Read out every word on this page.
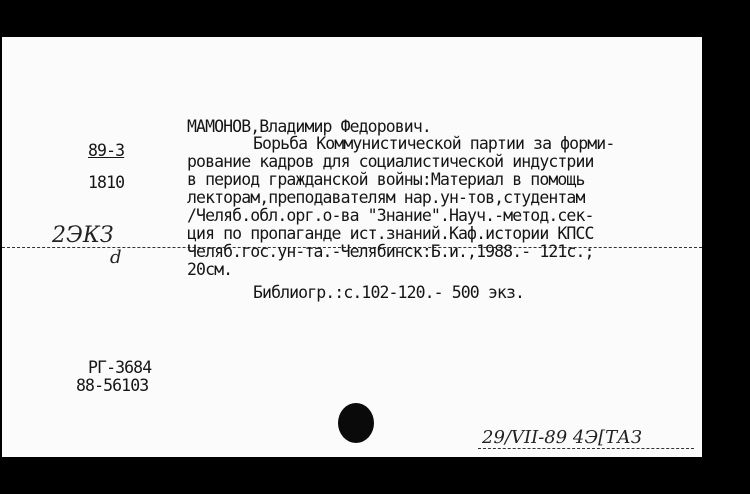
89-3
1810
2ЭКЗ
d
МАМОНОВ,Владимир Федорович.
Борьба Коммунистической партии за форми-
рование кадров для социалистической индустрии
в период гражданской войны:Материал в помощь
лекторам,преподавателям нар.ун-тов,студентам
/Челяб.обл.орг.о-ва "Знание".Науч.-метод.сек-
ция по пропаганде ист.знаний.Каф.истории КПСС
Челяб.гос.ун-та.-Челябинск:Б.и.,1988.- 121с.;
20см.
Библиогр.:с.102-120.- 500 экз.
РГ-3684
88-56103
29/VII-89 4Э[ТАЗ
